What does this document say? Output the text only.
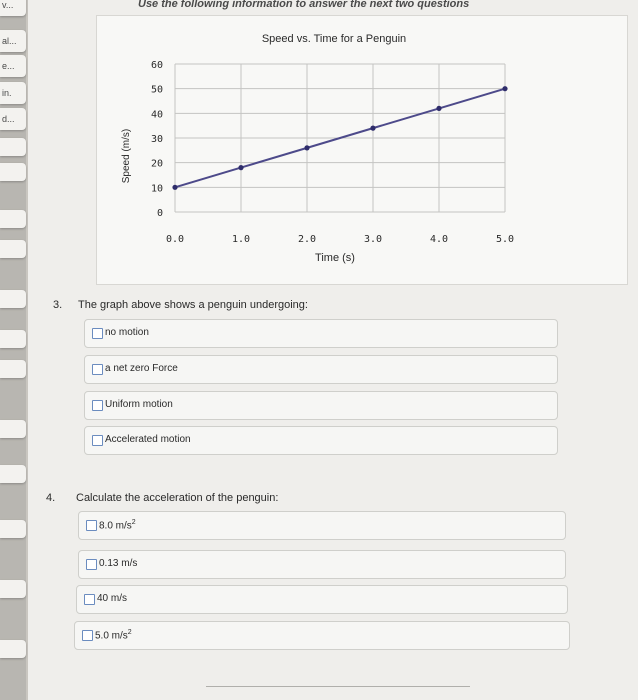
v...
al...
e...
in.
d...
Use the following information to answer the next two questions
Speed vs. Time for a Penguin
Speed (m/s)
Time (s)
0.0	1.0	2.0	3.0	4.0	5.0
0
10
20
30
40
50
60
3. The graph above shows a penguin undergoing:
no motion
a net zero Force
Uniform motion
Accelerated motion
4. Calculate the acceleration of the penguin:
8.0 $m/s^2$
0.13 m/s
40 m/s
5.0 $m/s^2$
